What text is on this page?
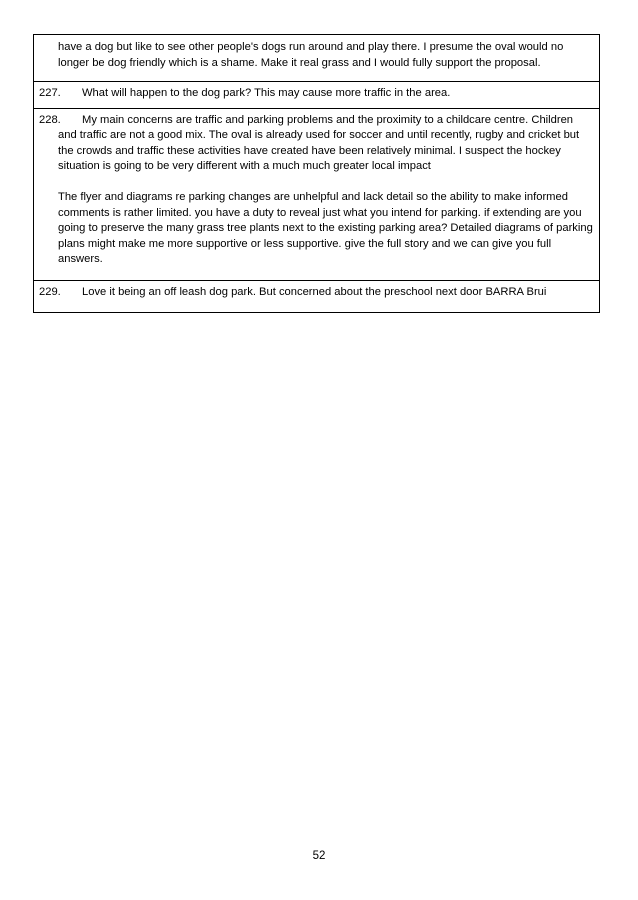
have a dog but like to see other people's dogs run around and play there. I presume the oval would no longer be dog friendly which is a shame. Make it real grass and I would fully support the proposal.

227. What will happen to the dog park? This may cause more traffic in the area.

228. My main concerns are traffic and parking problems and the proximity to a childcare centre. Children and traffic are not a good mix. The oval is already used for soccer and until recently, rugby and cricket but the crowds and traffic these activities have created have been relatively minimal. I suspect the hockey situation is going to be very different with a much much greater local impact

The flyer and diagrams re parking changes are unhelpful and lack detail so the ability to make informed comments is rather limited. you have a duty to reveal just what you intend for parking. if extending are you going to preserve the many grass tree plants next to the existing parking area? Detailed diagrams of parking plans might make me more supportive or less supportive. give the full story and we can give you full answers.

229. Love it being an off leash dog park. But concerned about the preschool next door BARRA Brui

52
